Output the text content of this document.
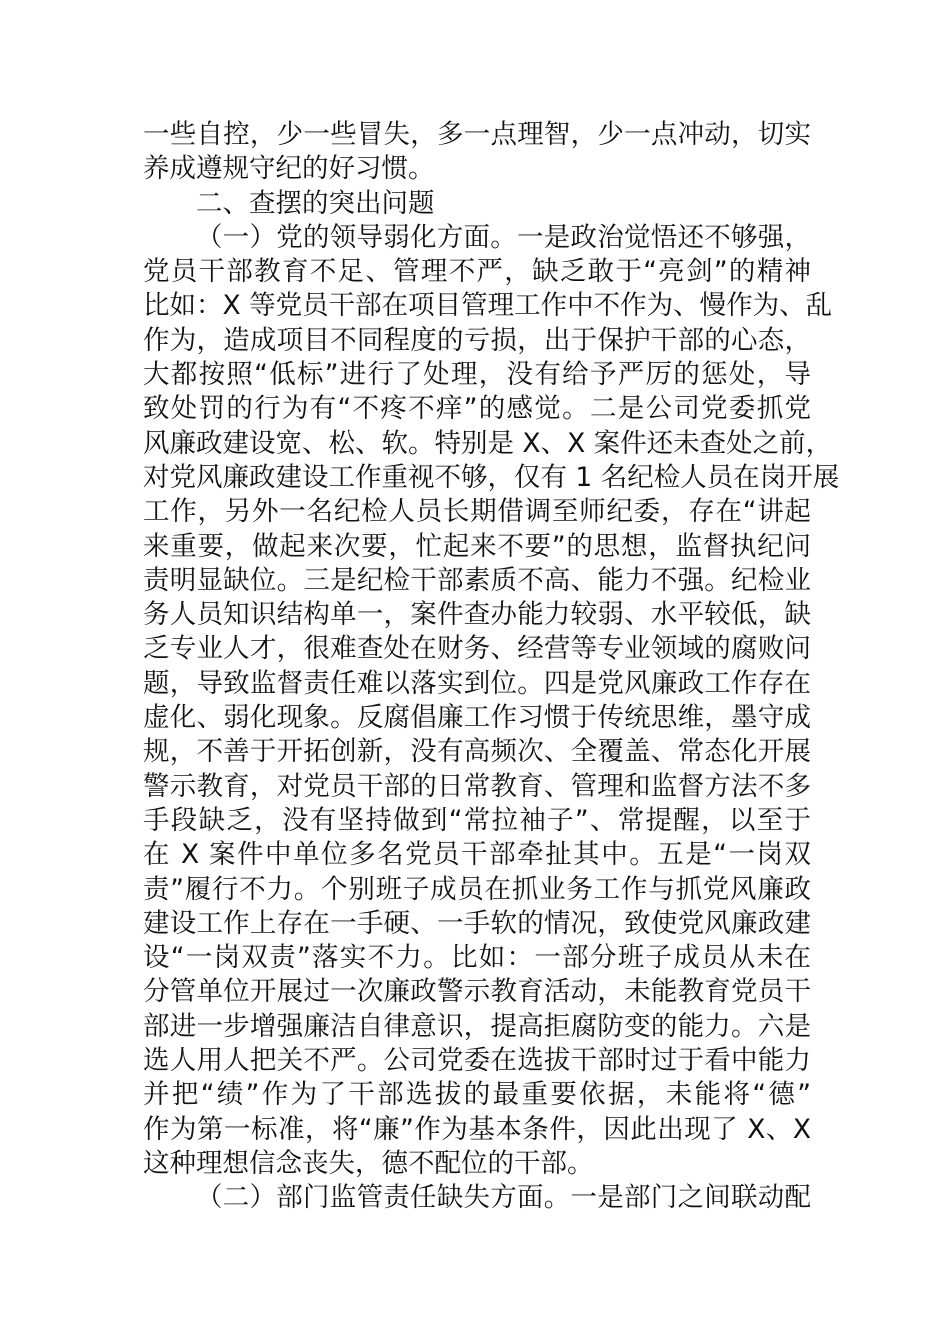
一些自控，少一些冒失，多一点理智，少一点冲动，切实
养成遵规守纪的好习惯。
二、查摆的突出问题
（一）党的领导弱化方面。一是政治觉悟还不够强，
党员干部教育不足、管理不严，缺乏敢于“亮剑”的精神
比如：X 等党员干部在项目管理工作中不作为、慢作为、乱
作为，造成项目不同程度的亏损，出于保护干部的心态，
大都按照“低标”进行了处理，没有给予严厉的惩处，导
致处罚的行为有“不疼不痒”的感觉。二是公司党委抓党
风廉政建设宽、松、软。特别是 X、X 案件还未查处之前，
对党风廉政建设工作重视不够，仅有 1 名纪检人员在岗开展
工作，另外一名纪检人员长期借调至师纪委，存在“讲起
来重要，做起来次要，忙起来不要”的思想，监督执纪问
责明显缺位。三是纪检干部素质不高、能力不强。纪检业
务人员知识结构单一，案件查办能力较弱、水平较低，缺
乏专业人才，很难查处在财务、经营等专业领域的腐败问
题，导致监督责任难以落实到位。四是党风廉政工作存在
虚化、弱化现象。反腐倡廉工作习惯于传统思维，墨守成
规，不善于开拓创新，没有高频次、全覆盖、常态化开展
警示教育，对党员干部的日常教育、管理和监督方法不多
手段缺乏，没有坚持做到“常拉袖子”、常提醒，以至于
在 X 案件中单位多名党员干部牵扯其中。五是“一岗双
责”履行不力。个别班子成员在抓业务工作与抓党风廉政
建设工作上存在一手硬、一手软的情况，致使党风廉政建
设“一岗双责”落实不力。比如：一部分班子成员从未在
分管单位开展过一次廉政警示教育活动，未能教育党员干
部进一步增强廉洁自律意识，提高拒腐防变的能力。六是
选人用人把关不严。公司党委在选拔干部时过于看中能力
并把“绩”作为了干部选拔的最重要依据，未能将“德”
作为第一标准，将“廉”作为基本条件，因此出现了 X、X
这种理想信念丧失，德不配位的干部。
（二）部门监管责任缺失方面。一是部门之间联动配
